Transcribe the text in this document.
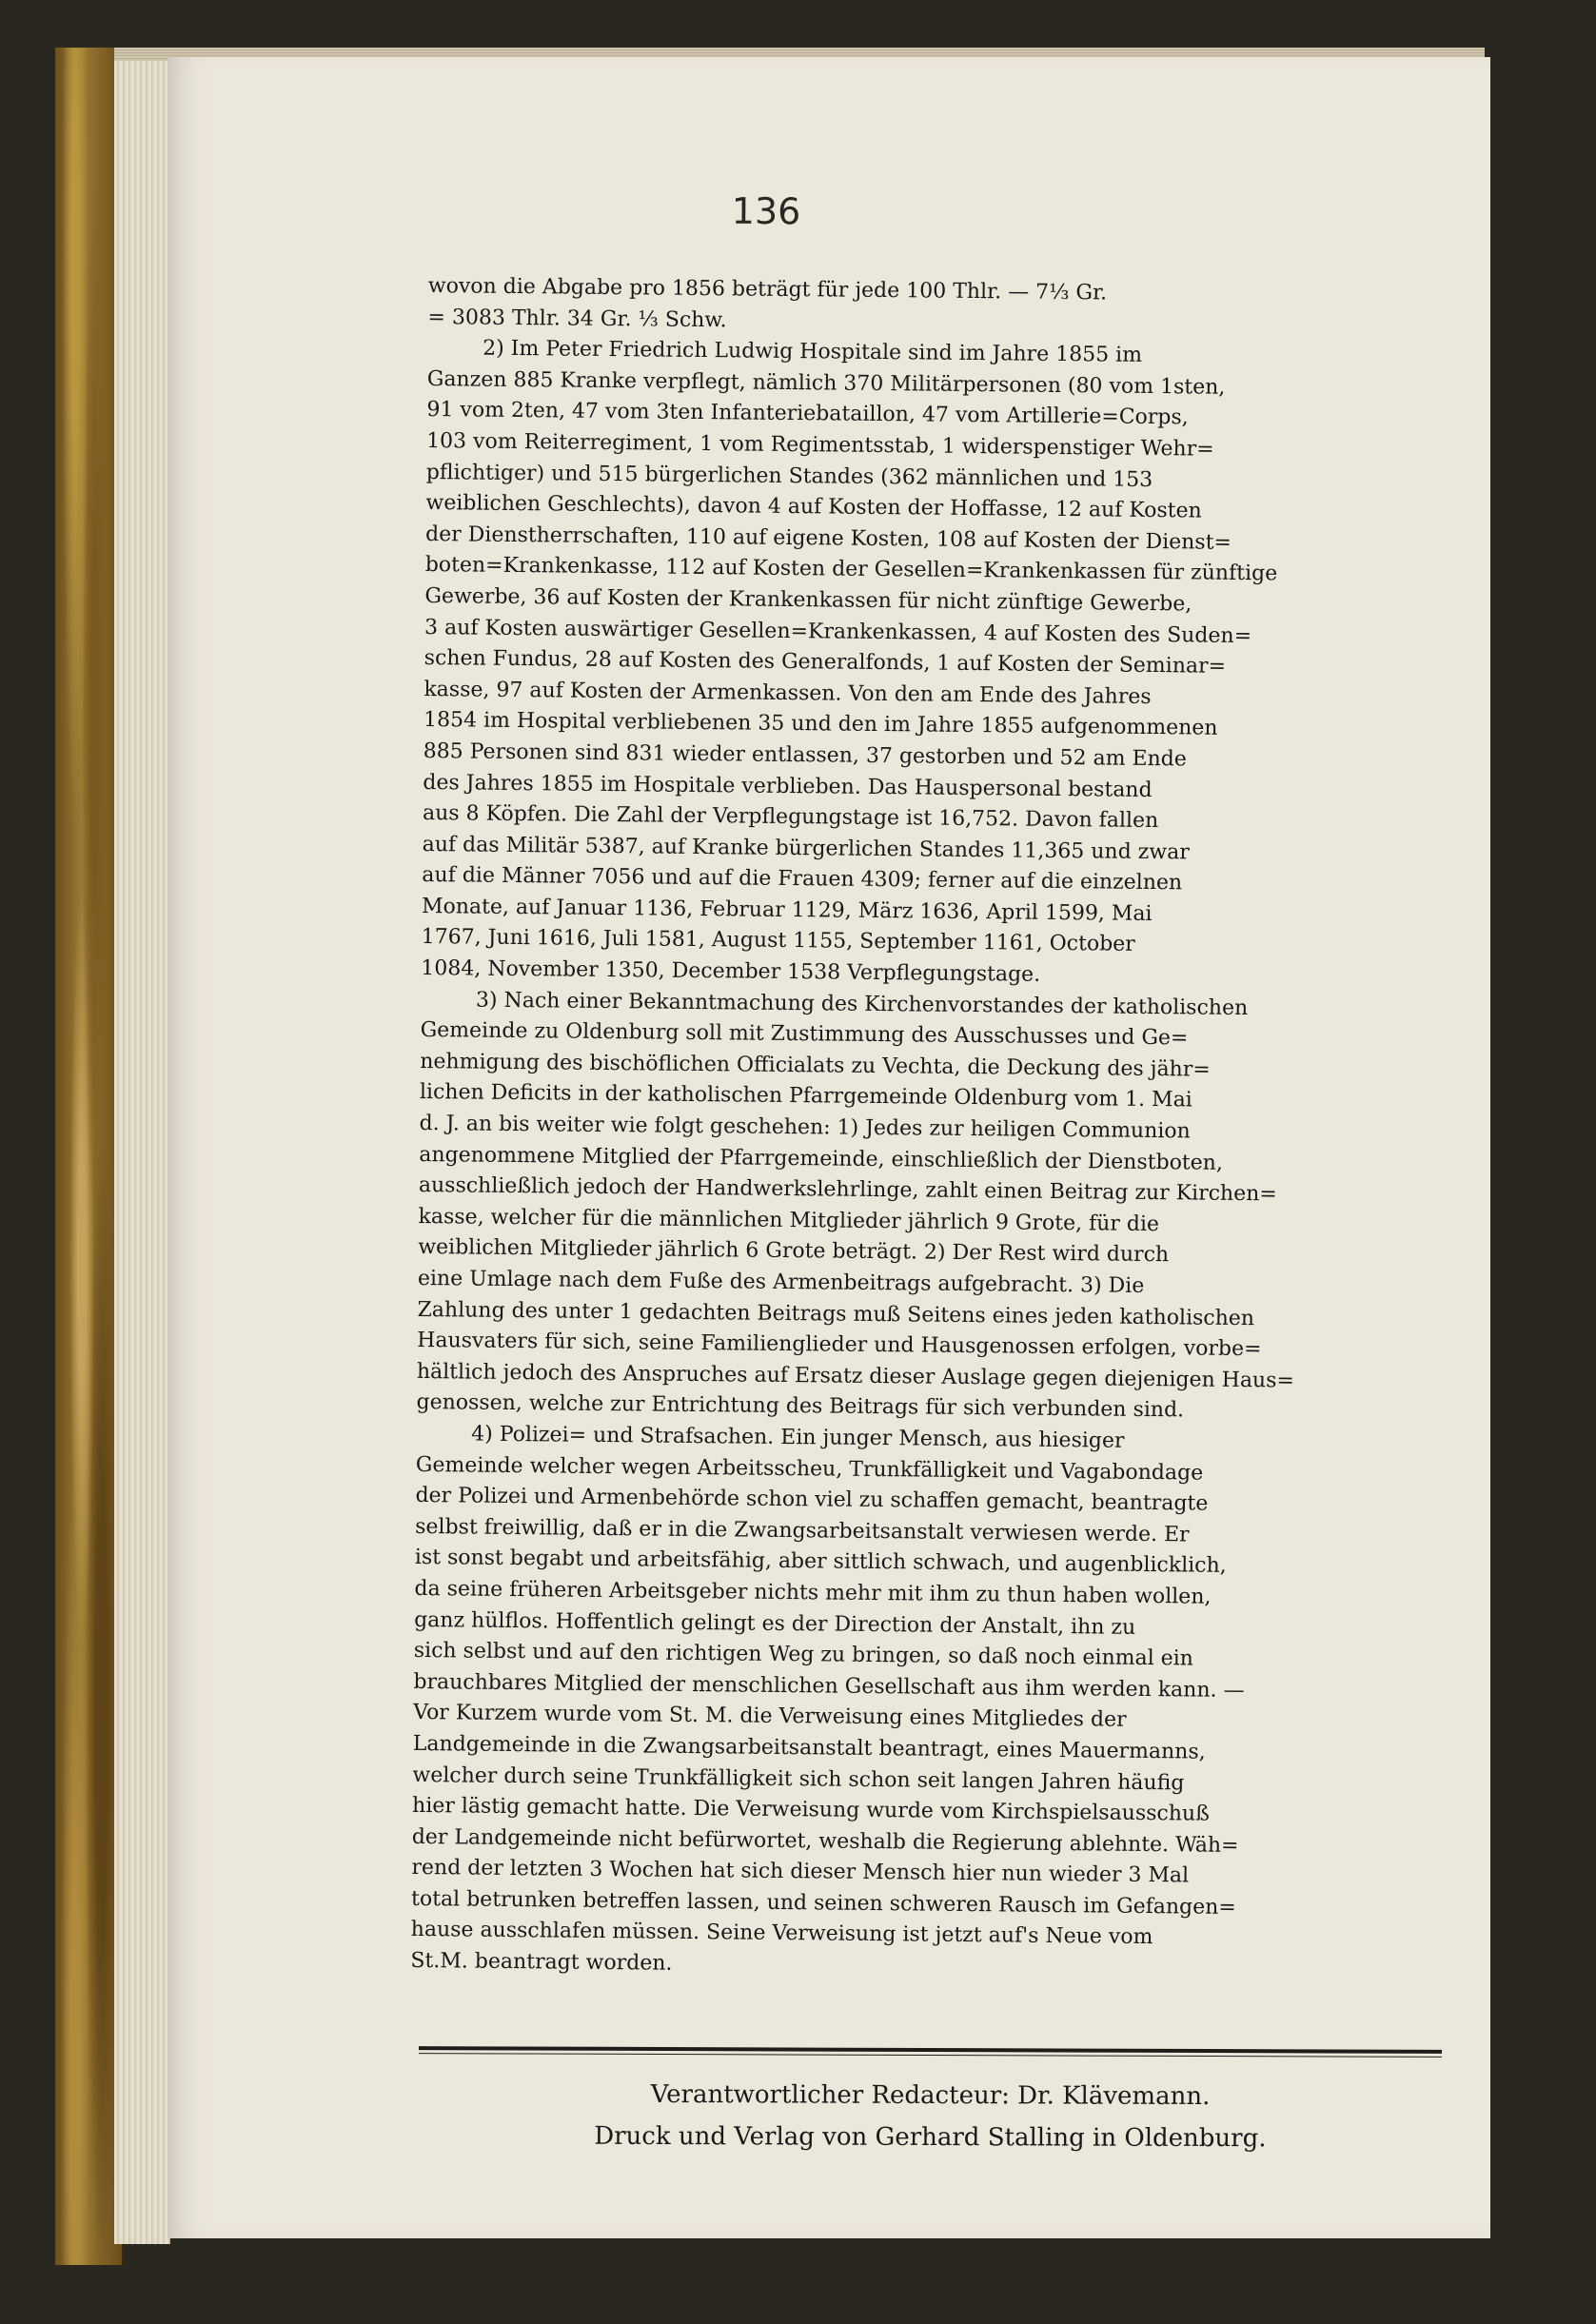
136
wovon die Abgabe pro 1856 beträgt für jede 100 Thlr. — 7⅓ Gr.
= 3083 Thlr. 34 Gr. ⅓ Schw.
2) Im Peter Friedrich Ludwig Hospitale sind im Jahre 1855 im
Ganzen 885 Kranke verpflegt, nämlich 370 Militärpersonen (80 vom 1sten,
91 vom 2ten, 47 vom 3ten Infanteriebataillon, 47 vom Artillerie=Corps,
103 vom Reiterregiment, 1 vom Regimentsstab, 1 widerspenstiger Wehr=
pflichtiger) und 515 bürgerlichen Standes (362 männlichen und 153
weiblichen Geschlechts), davon 4 auf Kosten der Hoffasse, 12 auf Kosten
der Dienstherrschaften, 110 auf eigene Kosten, 108 auf Kosten der Dienst=
boten=Krankenkasse, 112 auf Kosten der Gesellen=Krankenkassen für zünftige
Gewerbe, 36 auf Kosten der Krankenkassen für nicht zünftige Gewerbe,
3 auf Kosten auswärtiger Gesellen=Krankenkassen, 4 auf Kosten des Suden=
schen Fundus, 28 auf Kosten des Generalfonds, 1 auf Kosten der Seminar=
kasse, 97 auf Kosten der Armenkassen. Von den am Ende des Jahres
1854 im Hospital verbliebenen 35 und den im Jahre 1855 aufgenommenen
885 Personen sind 831 wieder entlassen, 37 gestorben und 52 am Ende
des Jahres 1855 im Hospitale verblieben. Das Hauspersonal bestand
aus 8 Köpfen. Die Zahl der Verpflegungstage ist 16,752. Davon fallen
auf das Militär 5387, auf Kranke bürgerlichen Standes 11,365 und zwar
auf die Männer 7056 und auf die Frauen 4309; ferner auf die einzelnen
Monate, auf Januar 1136, Februar 1129, März 1636, April 1599, Mai
1767, Juni 1616, Juli 1581, August 1155, September 1161, October
1084, November 1350, December 1538 Verpflegungstage.
3) Nach einer Bekanntmachung des Kirchenvorstandes der katholischen
Gemeinde zu Oldenburg soll mit Zustimmung des Ausschusses und Ge=
nehmigung des bischöflichen Officialats zu Vechta, die Deckung des jähr=
lichen Deficits in der katholischen Pfarrgemeinde Oldenburg vom 1. Mai
d. J. an bis weiter wie folgt geschehen: 1) Jedes zur heiligen Communion
angenommene Mitglied der Pfarrgemeinde, einschließlich der Dienstboten,
ausschließlich jedoch der Handwerkslehrlinge, zahlt einen Beitrag zur Kirchen=
kasse, welcher für die männlichen Mitglieder jährlich 9 Grote, für die
weiblichen Mitglieder jährlich 6 Grote beträgt. 2) Der Rest wird durch
eine Umlage nach dem Fuße des Armenbeitrags aufgebracht. 3) Die
Zahlung des unter 1 gedachten Beitrags muß Seitens eines jeden katholischen
Hausvaters für sich, seine Familienglieder und Hausgenossen erfolgen, vorbe=
hältlich jedoch des Anspruches auf Ersatz dieser Auslage gegen diejenigen Haus=
genossen, welche zur Entrichtung des Beitrags für sich verbunden sind.
4) Polizei= und Strafsachen. Ein junger Mensch, aus hiesiger
Gemeinde welcher wegen Arbeitsscheu, Trunkfälligkeit und Vagabondage
der Polizei und Armenbehörde schon viel zu schaffen gemacht, beantragte
selbst freiwillig, daß er in die Zwangsarbeitsanstalt verwiesen werde. Er
ist sonst begabt und arbeitsfähig, aber sittlich schwach, und augenblicklich,
da seine früheren Arbeitsgeber nichts mehr mit ihm zu thun haben wollen,
ganz hülflos. Hoffentlich gelingt es der Direction der Anstalt, ihn zu
sich selbst und auf den richtigen Weg zu bringen, so daß noch einmal ein
brauchbares Mitglied der menschlichen Gesellschaft aus ihm werden kann. —
Vor Kurzem wurde vom St. M. die Verweisung eines Mitgliedes der
Landgemeinde in die Zwangsarbeitsanstalt beantragt, eines Mauermanns,
welcher durch seine Trunkfälligkeit sich schon seit langen Jahren häufig
hier lästig gemacht hatte. Die Verweisung wurde vom Kirchspielsausschuß
der Landgemeinde nicht befürwortet, weshalb die Regierung ablehnte. Wäh=
rend der letzten 3 Wochen hat sich dieser Mensch hier nun wieder 3 Mal
total betrunken betreffen lassen, und seinen schweren Rausch im Gefangen=
hause ausschlafen müssen. Seine Verweisung ist jetzt auf's Neue vom
St.M. beantragt worden.
Verantwortlicher Redacteur: Dr. Klävemann.
Druck und Verlag von Gerhard Stalling in Oldenburg.
